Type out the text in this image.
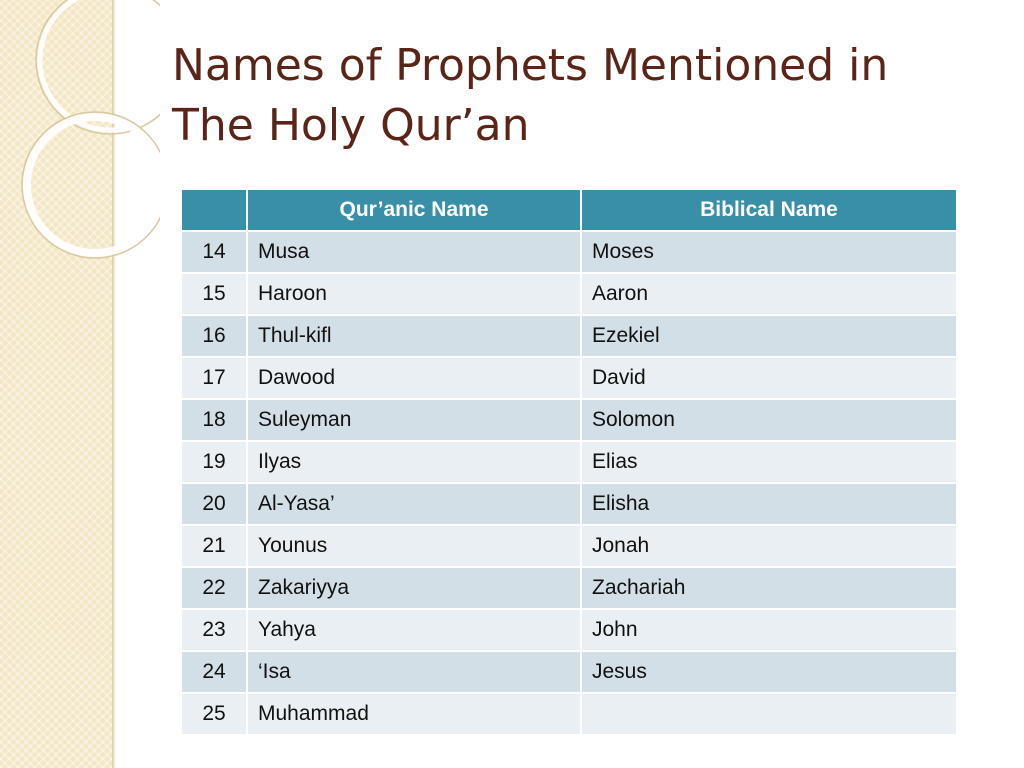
Names of Prophets Mentioned in The Holy Qur’an
	Qur’anic Name	Biblical Name
14	Musa	Moses
15	Haroon	Aaron
16	Thul-kifl	Ezekiel
17	Dawood	David
18	Suleyman	Solomon
19	Ilyas	Elias
20	Al-Yasa’	Elisha
21	Younus	Jonah
22	Zakariyya	Zachariah
23	Yahya	John
24	‘Isa	Jesus
25	Muhammad	
